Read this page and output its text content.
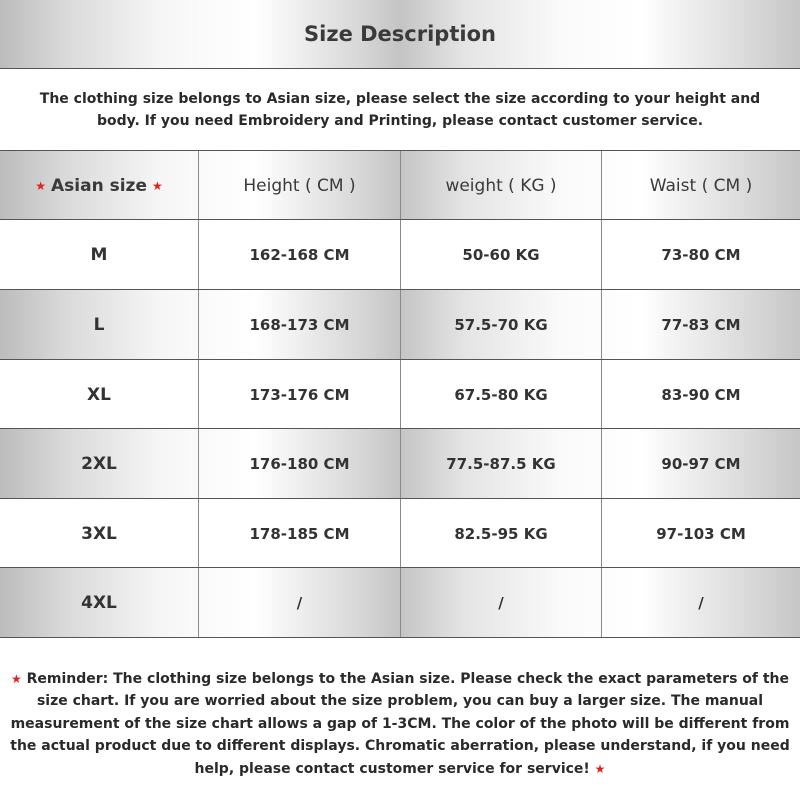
Size Description
The clothing size belongs to Asian size, please select the size according to your height and body. If you need Embroidery and Printing, please contact customer service.
★ Asian size ★	Height ( CM )	weight ( KG )	Waist ( CM )
M	162-168 CM	50-60 KG	73-80 CM
L	168-173 CM	57.5-70 KG	77-83 CM
XL	173-176 CM	67.5-80 KG	83-90 CM
2XL	176-180 CM	77.5-87.5 KG	90-97 CM
3XL	178-185 CM	82.5-95 KG	97-103 CM
4XL	/	/	/
★ Reminder: The clothing size belongs to the Asian size. Please check the exact parameters of the size chart. If you are worried about the size problem, you can buy a larger size. The manual measurement of the size chart allows a gap of 1-3CM. The color of the photo will be different from the actual product due to different displays. Chromatic aberration, please understand, if you need help, please contact customer service for service! ★
